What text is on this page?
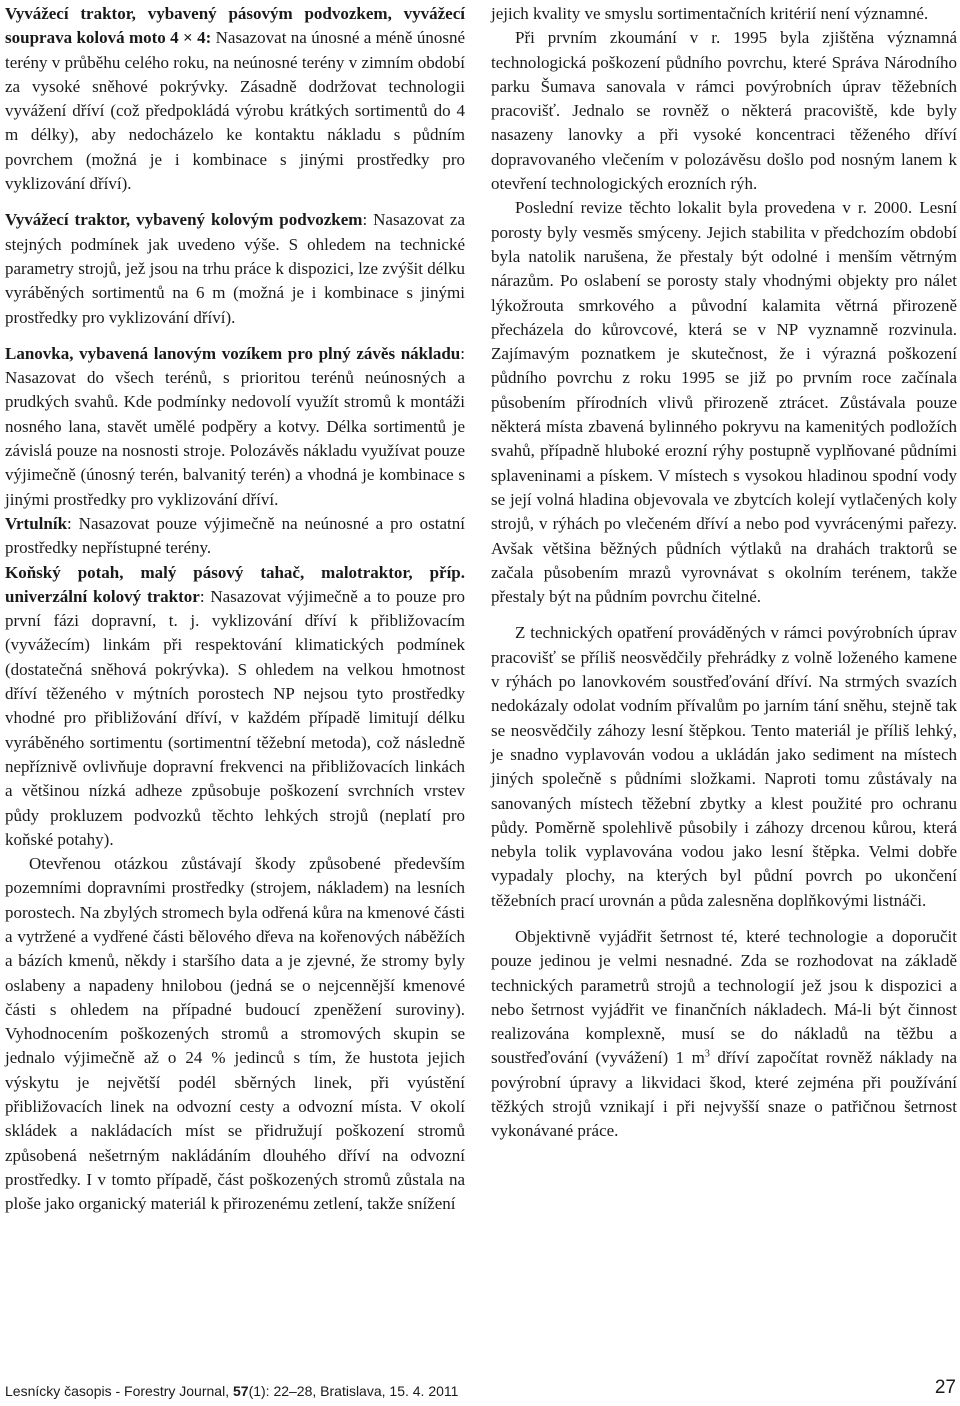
Vyvážecí traktor, vybavený pásovým podvozkem, vyvážecí souprava kolová moto 4 × 4: Nasazovat na únosné a méně únosné terény v průběhu celého roku, na neúnosné terény v zimním období za vysoké sněhové pokrývky. Zásadně dodržovat technologii vyvážení dříví (což předpokládá výrobu krátkých sortimentů do 4 m délky), aby nedocházelo ke kontaktu nákladu s půdním povrchem (možná je i kombinace s jinými prostředky pro vyklizování dříví).

Vyvážecí traktor, vybavený kolovým podvozkem: Nasazovat za stejných podmínek jak uvedeno výše. S ohledem na technické parametry strojů, jež jsou na trhu práce k dispozici, lze zvýšit délku vyráběných sortimentů na 6 m (možná je i kombinace s jinými prostředky pro vyklizování dříví).

Lanovka, vybavená lanovým vozíkem pro plný závěs nákladu: Nasazovat do všech terénů, s prioritou terénů neúnosných a prudkých svahů. Kde podmínky nedovolí využít stromů k montáži nosného lana, stavět umělé podpěry a kotvy. Délka sortimentů je závislá pouze na nosnosti stroje. Polozávěs nákladu využívat pouze výjimečně (únosný terén, balvanitý terén) a vhodná je kombinace s jinými prostředky pro vyklizování dříví.

Vrtulník: Nasazovat pouze výjimečně na neúnosné a pro ostatní prostředky nepřístupné terény.

Koňský potah, malý pásový tahač, malotraktor, příp. univerzální kolový traktor: Nasazovat výjimečně a to pouze pro první fázi dopravní, t. j. vyklizování dříví k přibližovacím (vyvážecím) linkám při respektování klimatických podmínek (dostatečná sněhová pokrývka). S ohledem na velkou hmotnost dříví těženého v mýtních porostech NP nejsou tyto prostředky vhodné pro přibližování dříví, v každém případě limitují délku vyráběného sortimentu (sortimentní těžební metoda), což následně nepříznivě ovlivňuje dopravní frekvenci na přibližovacích linkách a většinou nízká adheze způsobuje poškození svrchních vrstev půdy prokluzem podvozků těchto lehkých strojů (neplatí pro koňské potahy).

Otevřenou otázkou zůstávají škody způsobené především pozemními dopravními prostředky (strojem, nákladem) na lesních porostech. Na zbylých stromech byla odřená kůra na kmenové části a vytržené a vydřené části bělového dřeva na kořenových náběžích a bázích kmenů, někdy i staršího data a je zjevné, že stromy byly oslabeny a napadeny hnilobou (jedná se o nejcennější kmenové části s ohledem na případné budoucí zpeněžení suroviny). Vyhodnocením poškozených stromů a stromových skupin se jednalo výjimečně až o 24 % jedinců s tím, že hustota jejich výskytu je největší podél sběrných linek, při vyústění přibližovacích linek na odvozní cesty a odvozní místa. V okolí skládek a nakládacích míst se přidružují poškození stromů způsobená nešetrným nakládáním dlouhého dříví na odvozní prostředky. I v tomto případě, část poškozených stromů zůstala na ploše jako organický materiál k přirozenému zetlení, takže snížení

jejich kvality ve smyslu sortimentačních kritérií není významné.

Při prvním zkoumání v r. 1995 byla zjištěna významná technologická poškození půdního povrchu, které Správa Národního parku Šumava sanovala v rámci povýrobních úprav těžebních pracovišť. Jednalo se rovněž o některá pracoviště, kde byly nasazeny lanovky a při vysoké koncentraci těženého dříví dopravovaného vlečením v polozávěsu došlo pod nosným lanem k otevření technologických erozních rýh.

Poslední revize těchto lokalit byla provedena v r. 2000. Lesní porosty byly vesměs smýceny. Jejich stabilita v předchozím období byla natolik narušena, že přestaly být odolné i menším větrným nárazům. Po oslabení se porosty staly vhodnými objekty pro nálet lýkožrouta smrkového a původní kalamita větrná přirozeně přecházela do kůrovcové, která se v NP vyznamně rozvinula. Zajímavým poznatkem je skutečnost, že i výrazná poškození půdního povrchu z roku 1995 se již po prvním roce začínala působením přírodních vlivů přirozeně ztrácet. Zůstávala pouze některá místa zbavená bylinného pokryvu na kamenitých podložích svahů, případně hluboké erozní rýhy postupně vyplňované půdními splaveninami a pískem. V místech s vysokou hladinou spodní vody se její volná hladina objevovala ve zbytcích kolejí vytlačených koly strojů, v rýhách po vlečeném dříví a nebo pod vyvrácenými pařezy. Avšak většina běžných půdních výtlaků na drahách traktorů se začala působením mrazů vyrovnávat s okolním terénem, takže přestaly být na půdním povrchu čitelné.

Z technických opatření prováděných v rámci povýrobních úprav pracovišť se příliš neosvědčily přehrádky z volně loženého kamene v rýhách po lanovkovém soustřeďování dříví. Na strmých svazích nedokázaly odolat vodním přívalům po jarním tání sněhu, stejně tak se neosvědčily záhozy lesní štěpkou. Tento materiál je příliš lehký, je snadno vyplavován vodou a ukládán jako sediment na místech jiných společně s půdními složkami. Naproti tomu zůstávaly na sanovaných místech těžební zbytky a klest použité pro ochranu půdy. Poměrně spolehlivě působily i záhozy drcenou kůrou, která nebyla tolik vyplavována vodou jako lesní štěpka. Velmi dobře vypadaly plochy, na kterých byl půdní povrch po ukončení těžebních prací urovnán a půda zalesněna doplňkovými listnáči.

Objektivně vyjádřit šetrnost té, které technologie a doporučit pouze jedinou je velmi nesnadné. Zda se rozhodovat na základě technických parametrů strojů a technologií jež jsou k dispozici a nebo šetrnost vyjádřit ve finančních nákladech. Má-li být činnost realizována komplexně, musí se do nákladů na těžbu a soustřeďování (vyvážení) 1 $m^3$ dříví započítat rovněž náklady na povýrobní úpravy a likvidaci škod, které zejména při používání těžkých strojů vznikají i při nejvyšší snaze o patřičnou šetrnost vykonávané práce.

Lesnícky časopis - Forestry Journal, 57(1): 22–28, Bratislava, 15. 4. 2011	27
